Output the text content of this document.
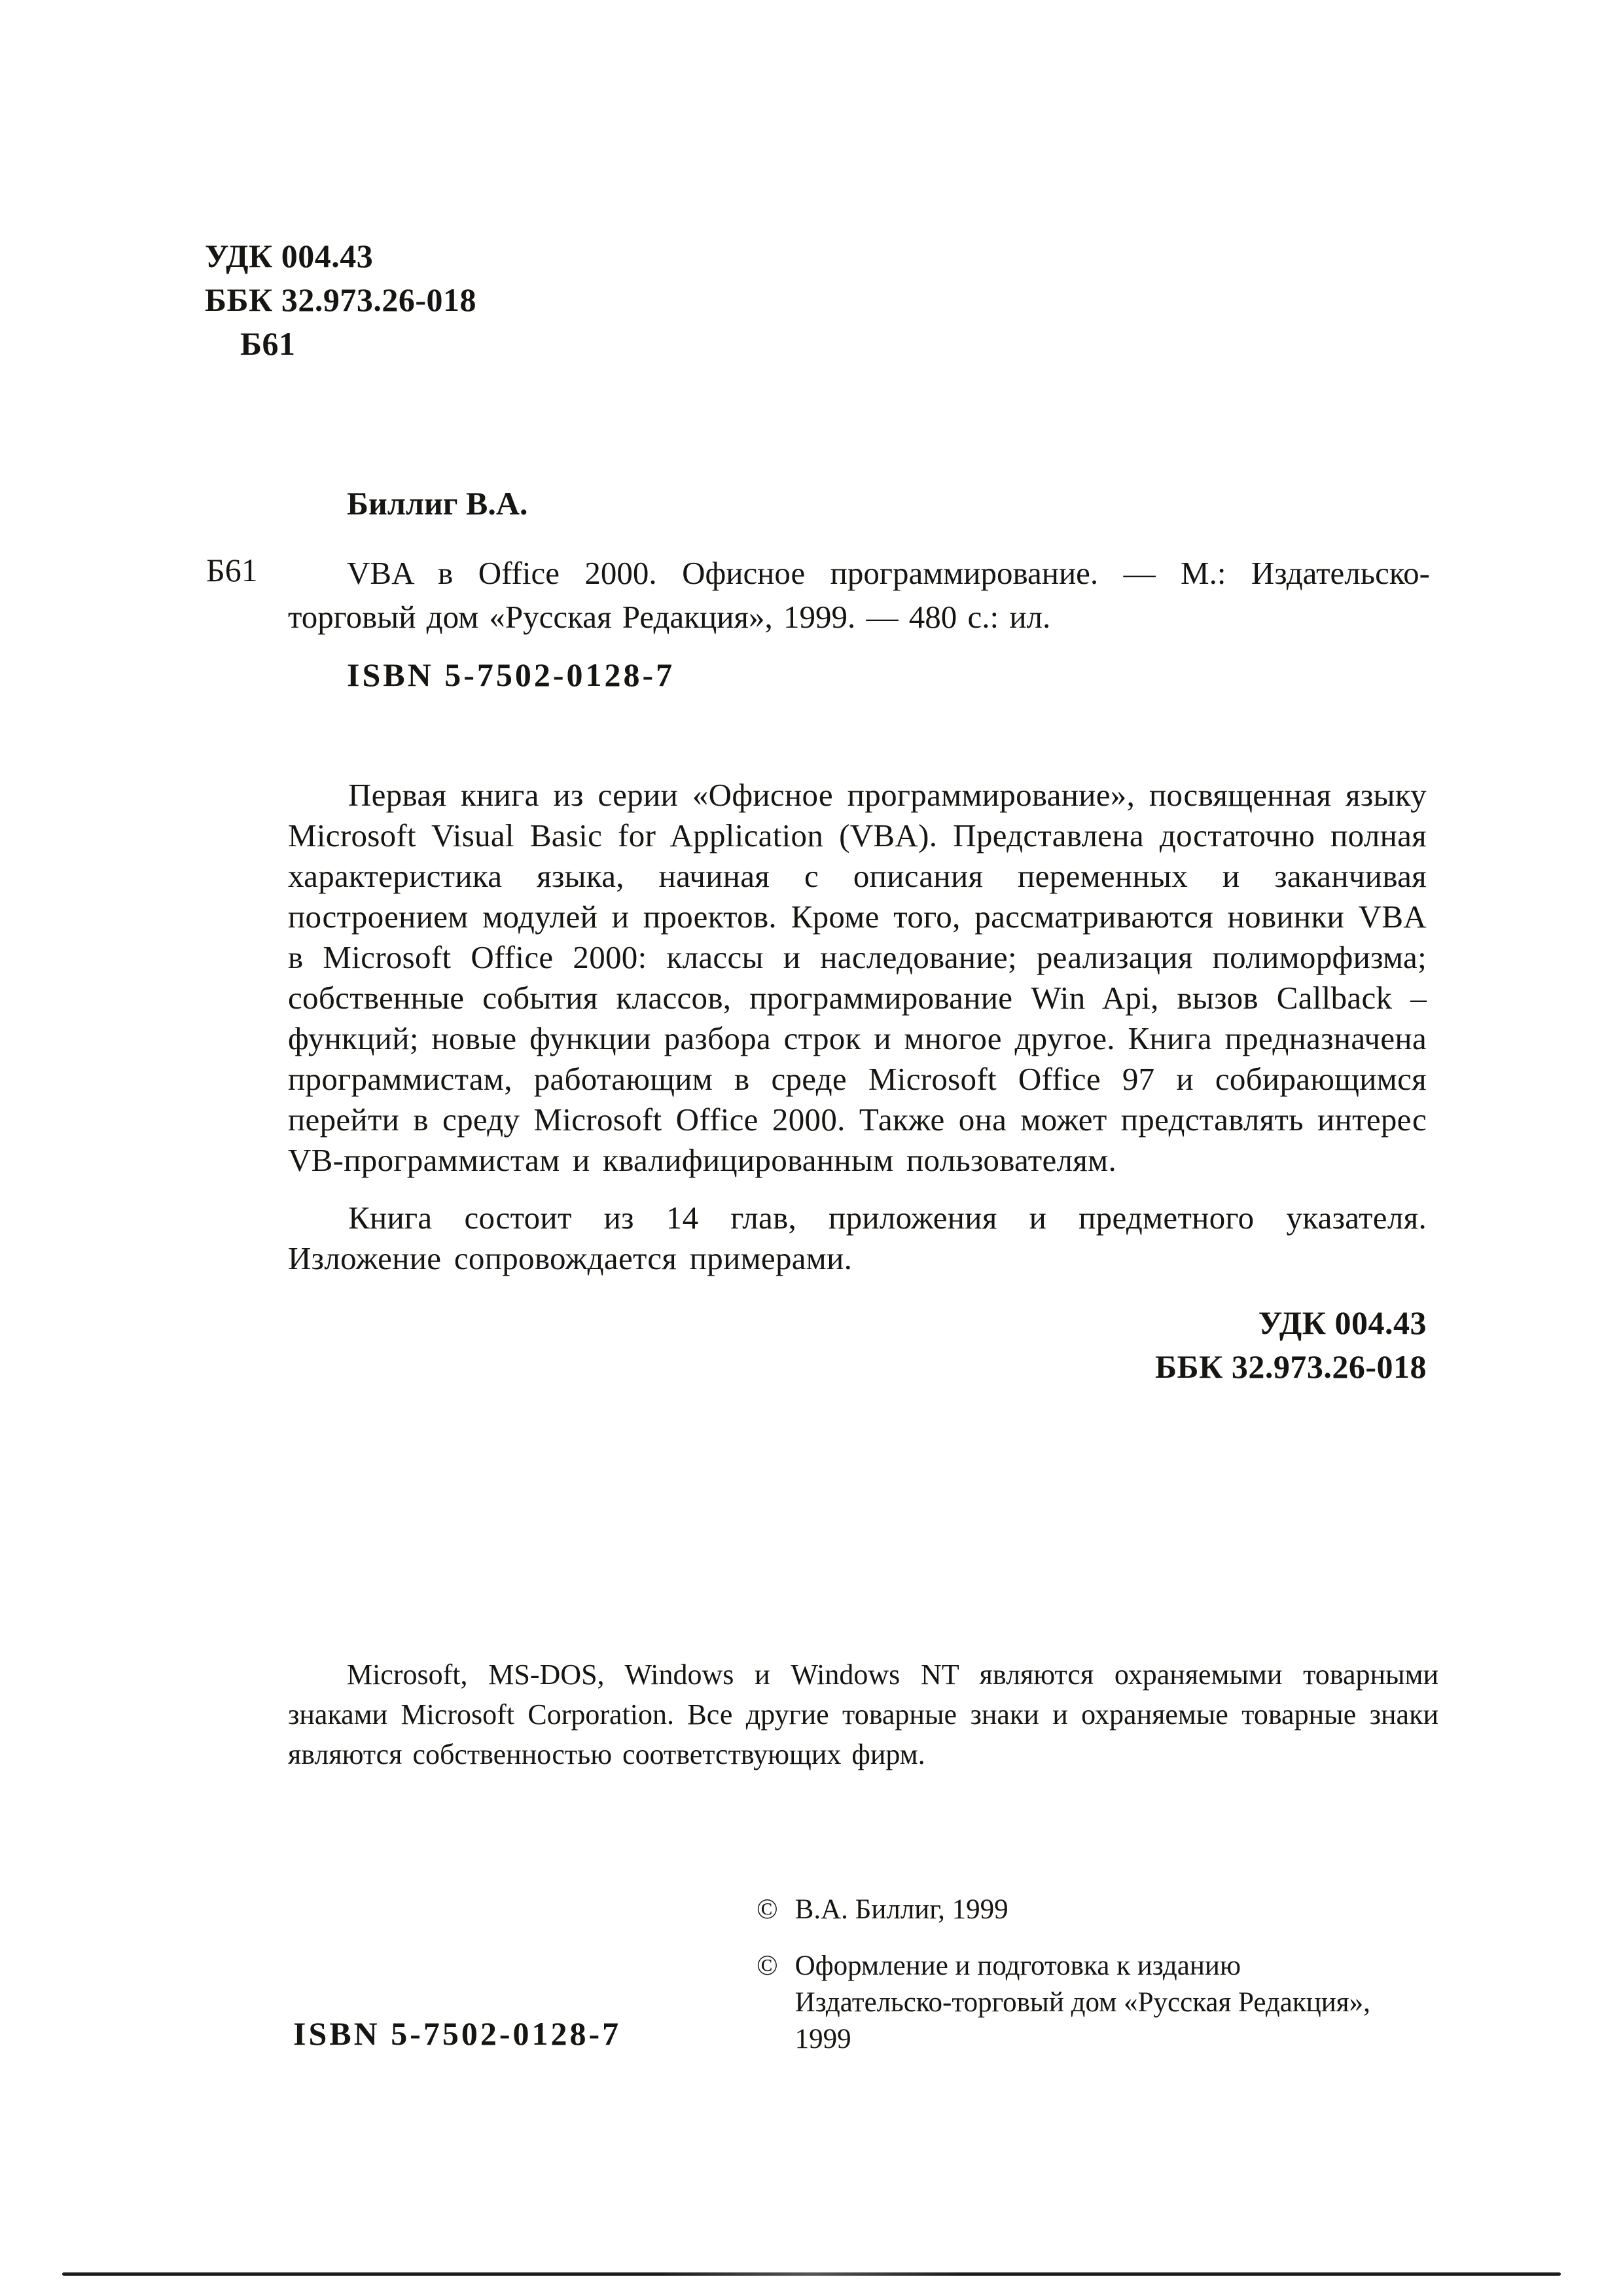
УДК 004.43
ББК 32.973.26-018
Б61
Биллиг В.А.
Б61	VBA в Office 2000. Офисное программирование. — М.: Издательско-торговый дом «Русская Редакция», 1999. — 480 с.: ил.

ISBN 5-7502-0128-7

Первая книга из серии «Офисное программирование», посвященная языку Microsoft Visual Basic for Application (VBA). Представлена достаточно полная характеристика языка, начиная с описания переменных и заканчивая построением модулей и проектов. Кроме того, рассматриваются новинки VBA в Microsoft Office 2000: классы и наследование; реализация полиморфизма; собственные события классов, программирование Win Api, вызов Callback – функций; новые функции разбора строк и многое другое. Книга предназначена программистам, работающим в среде Microsoft Office 97 и собирающимся перейти в среду Microsoft Office 2000. Также она может представлять интерес VB-программистам и квалифицированным пользователям.

Книга состоит из 14 глав, приложения и предметного указателя. Изложение сопровождается примерами.

УДК 004.43
ББК 32.973.26-018

Microsoft, MS-DOS, Windows и Windows NT являются охраняемыми товарными знаками Microsoft Corporation. Все другие товарные знаки и охраняемые товарные знаки являются собственностью соответствующих фирм.

© В.А. Биллиг, 1999
© Оформление и подготовка к изданию
Издательско-торговый дом «Русская Редакция»,
1999
ISBN 5-7502-0128-7
